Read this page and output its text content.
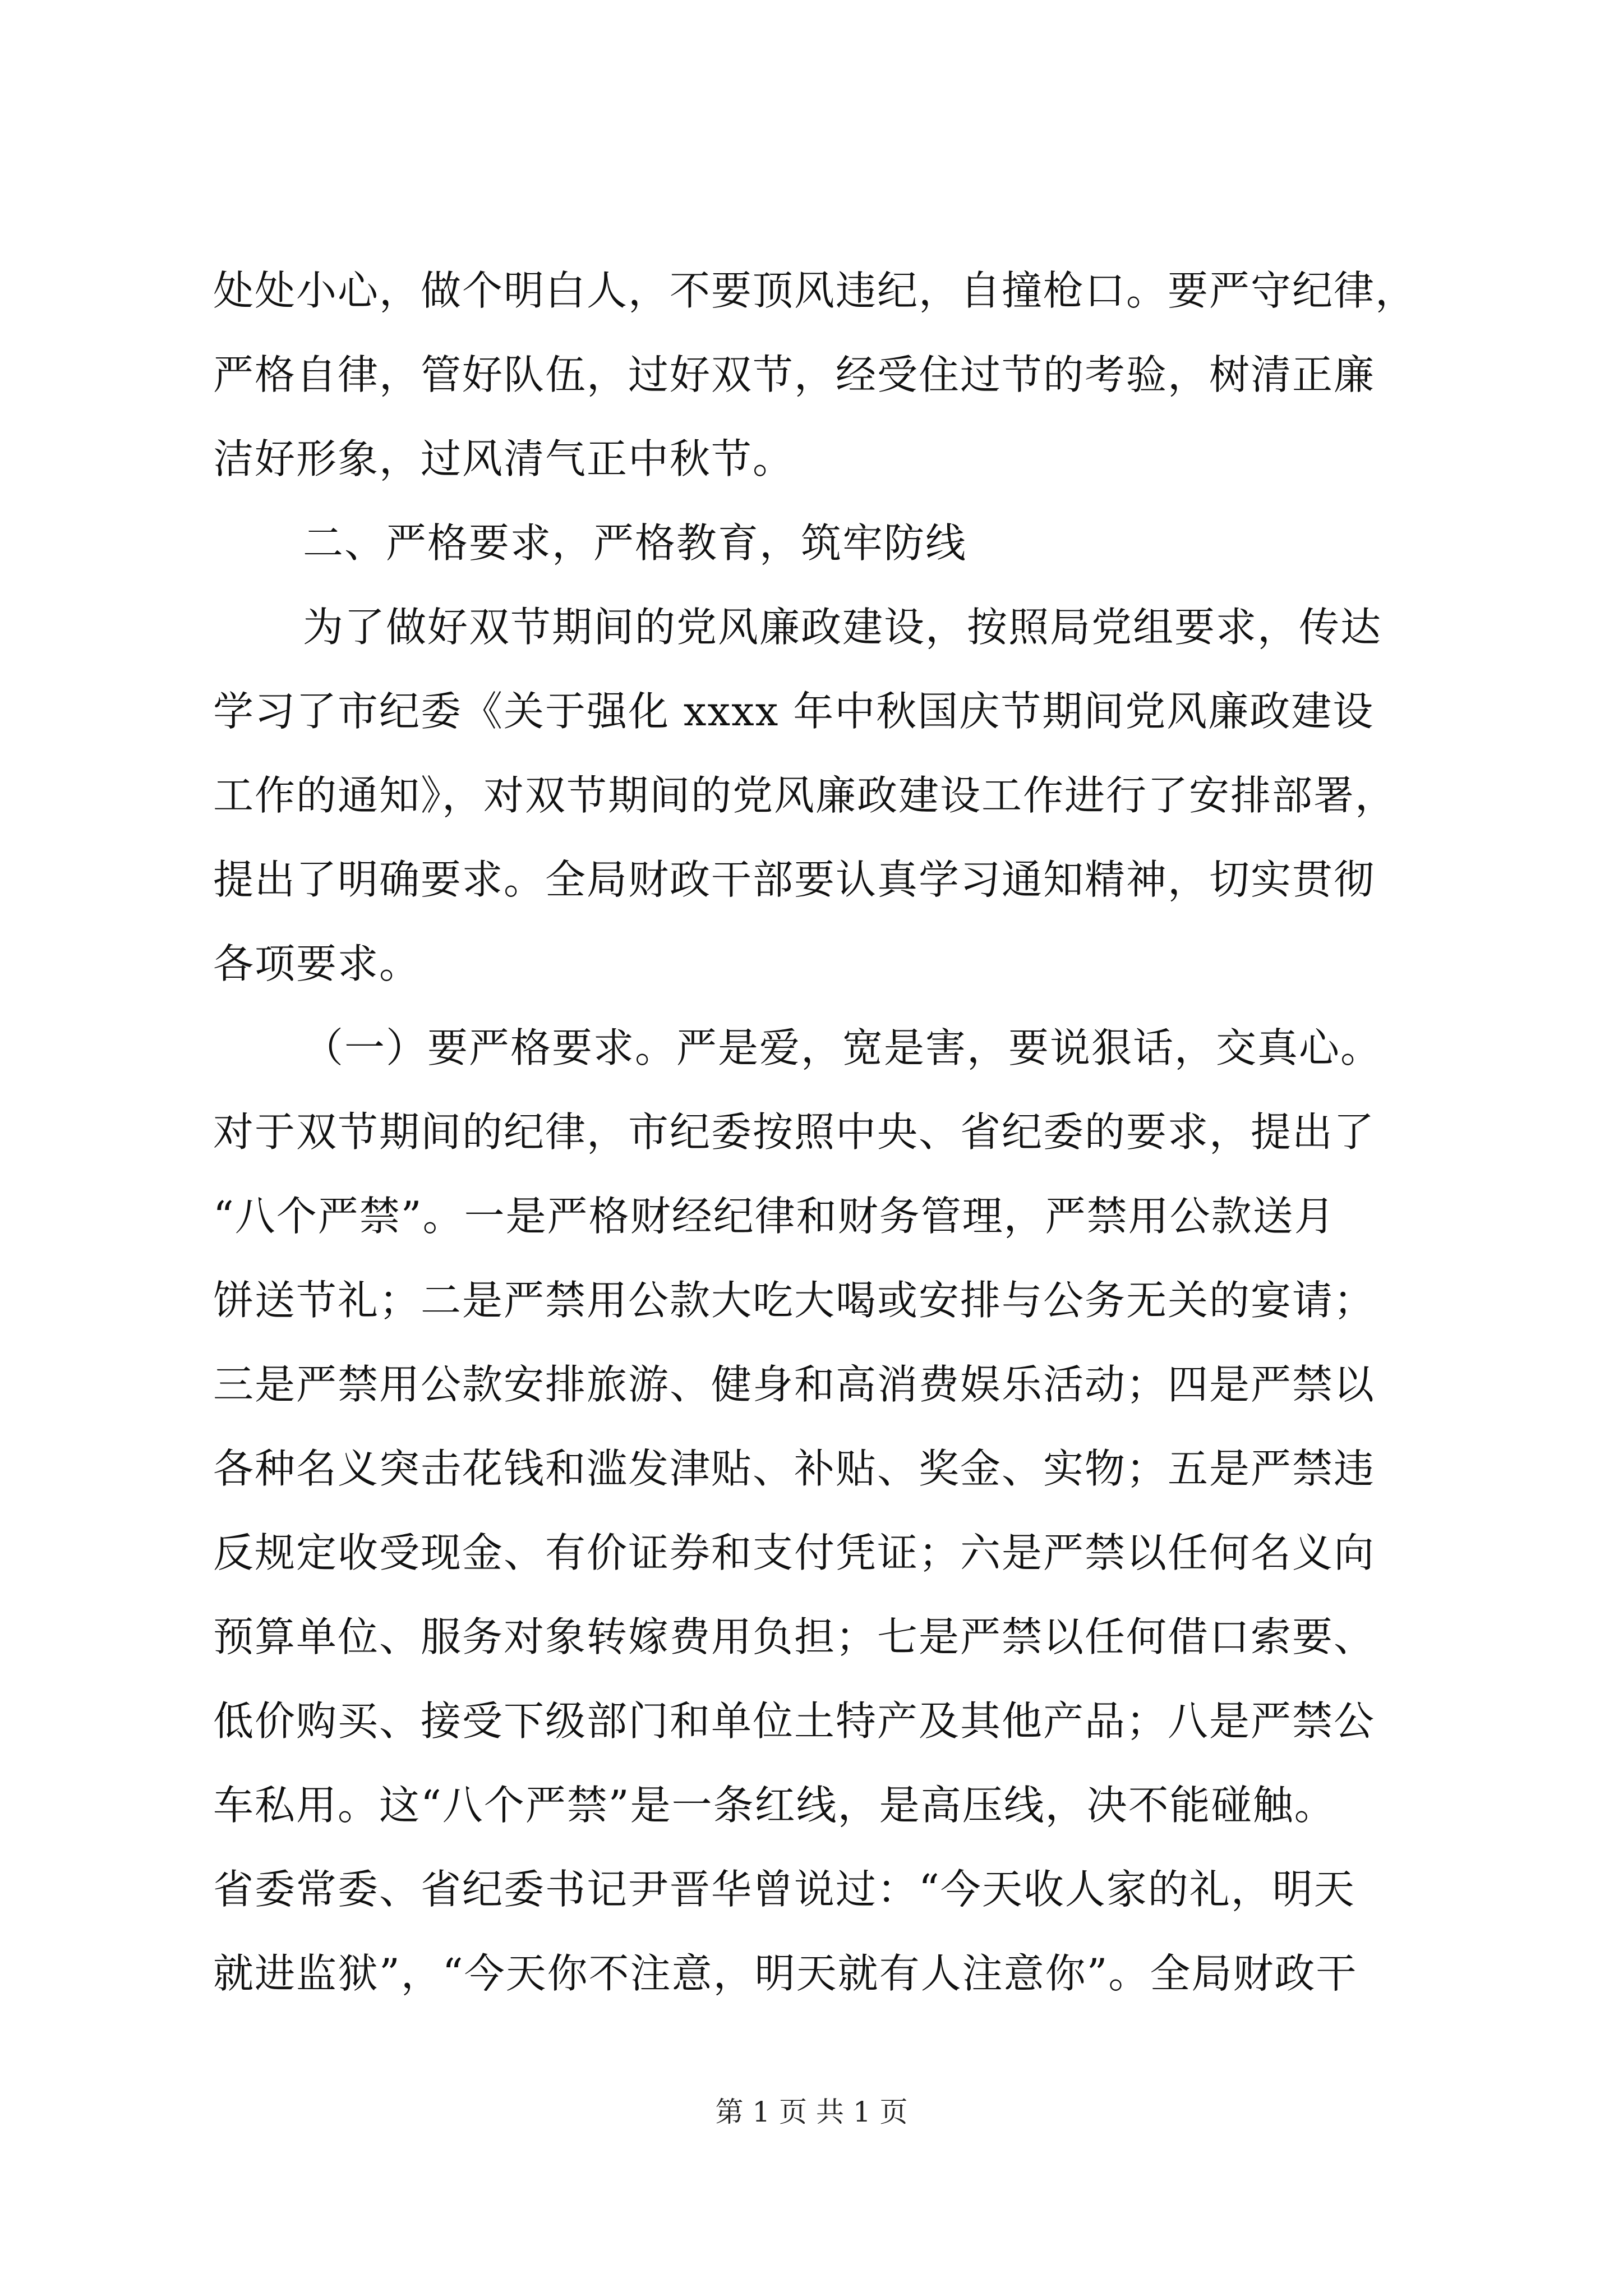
处处小心，做个明白人，不要顶风违纪，自撞枪口。要严守纪律，
严格自律，管好队伍，过好双节，经受住过节的考验，树清正廉
洁好形象，过风清气正中秋节。
二、严格要求，严格教育，筑牢防线
为了做好双节期间的党风廉政建设，按照局党组要求，传达
学习了市纪委《关于强化 xxxx 年中秋国庆节期间党风廉政建设
工作的通知》，对双节期间的党风廉政建设工作进行了安排部署，
提出了明确要求。全局财政干部要认真学习通知精神，切实贯彻
各项要求。
（一）要严格要求。严是爱，宽是害，要说狠话，交真心。
对于双节期间的纪律，市纪委按照中央、省纪委的要求，提出了
“八个严禁”。一是严格财经纪律和财务管理，严禁用公款送月
饼送节礼；二是严禁用公款大吃大喝或安排与公务无关的宴请；
三是严禁用公款安排旅游、健身和高消费娱乐活动；四是严禁以
各种名义突击花钱和滥发津贴、补贴、奖金、实物；五是严禁违
反规定收受现金、有价证券和支付凭证；六是严禁以任何名义向
预算单位、服务对象转嫁费用负担；七是严禁以任何借口索要、
低价购买、接受下级部门和单位土特产及其他产品；八是严禁公
车私用。这“八个严禁”是一条红线，是高压线，决不能碰触。
省委常委、省纪委书记尹晋华曾说过：“今天收人家的礼，明天
就进监狱”，“今天你不注意，明天就有人注意你”。全局财政干
第 1 页 共 1 页
